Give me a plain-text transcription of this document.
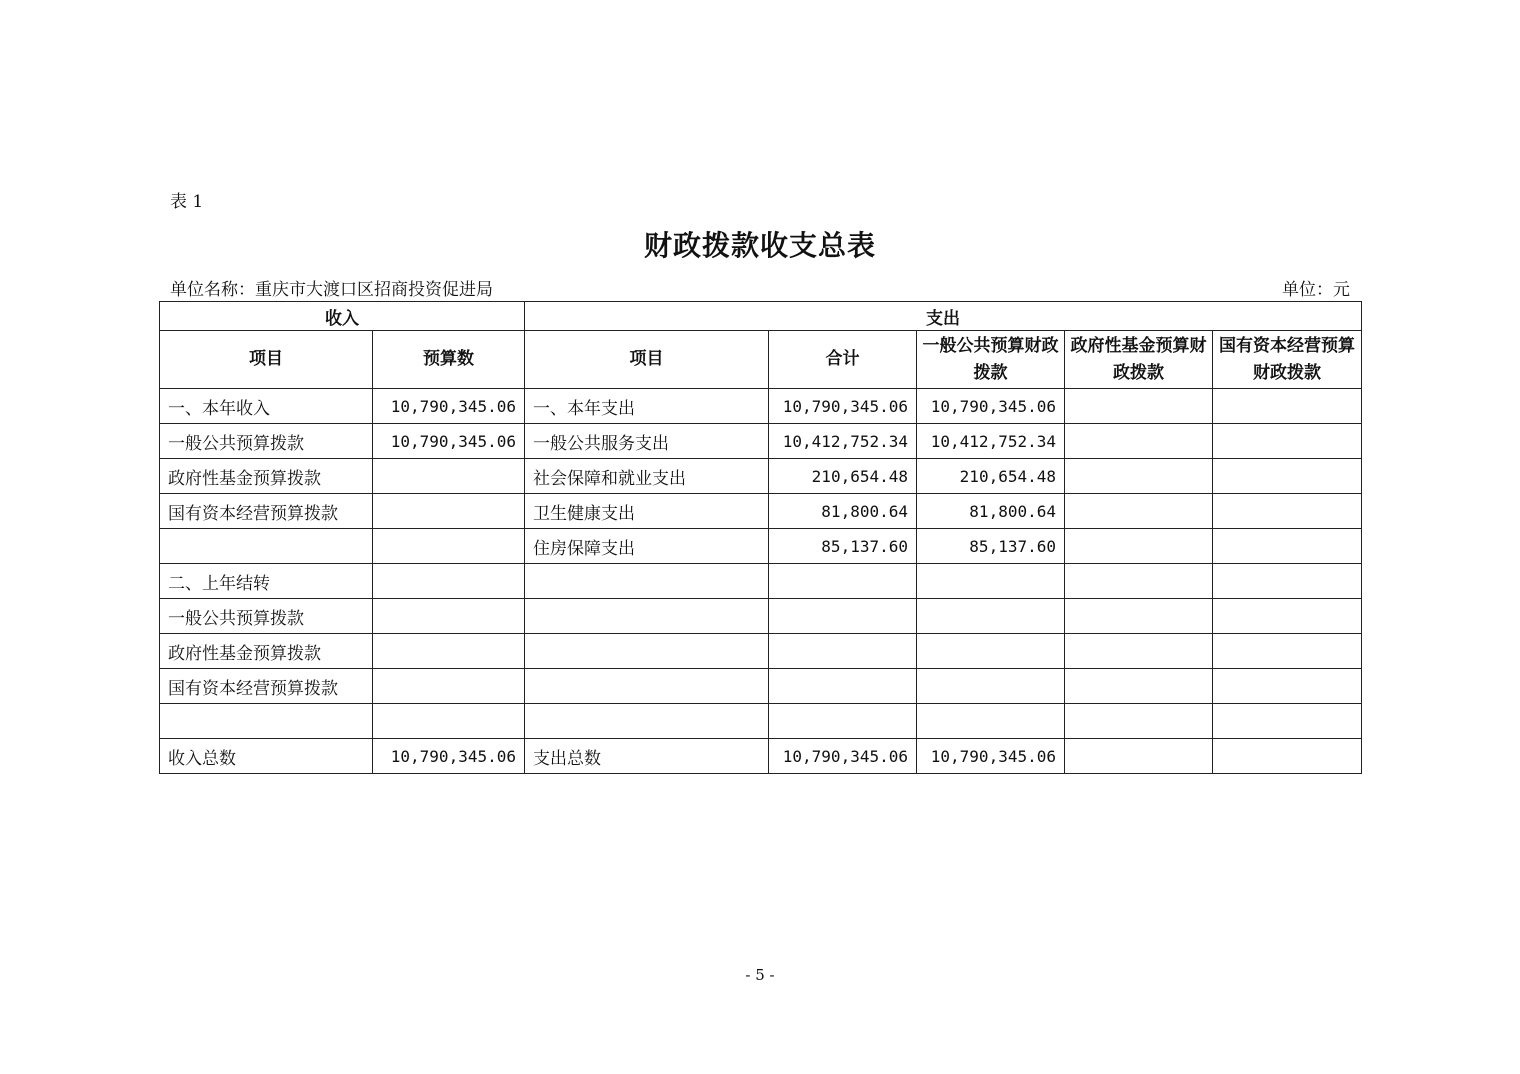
表 1
财政拨款收支总表
单位名称：重庆市大渡口区招商投资促进局	单位：元
收入		支出				
项目	预算数	项目	合计	一般公共预算财政拨款	政府性基金预算财政拨款	国有资本经营预算财政拨款
一、本年收入	10,790,345.06	一、本年支出	10,790,345.06	10,790,345.06		
一般公共预算拨款	10,790,345.06	一般公共服务支出	10,412,752.34	10,412,752.34		
政府性基金预算拨款		社会保障和就业支出	210,654.48	210,654.48		
国有资本经营预算拨款		卫生健康支出	81,800.64	81,800.64		
		住房保障支出	85,137.60	85,137.60		
二、上年结转						
一般公共预算拨款						
政府性基金预算拨款						
国有资本经营预算拨款						

收入总数	10,790,345.06	支出总数	10,790,345.06	10,790,345.06		
- 5 -
